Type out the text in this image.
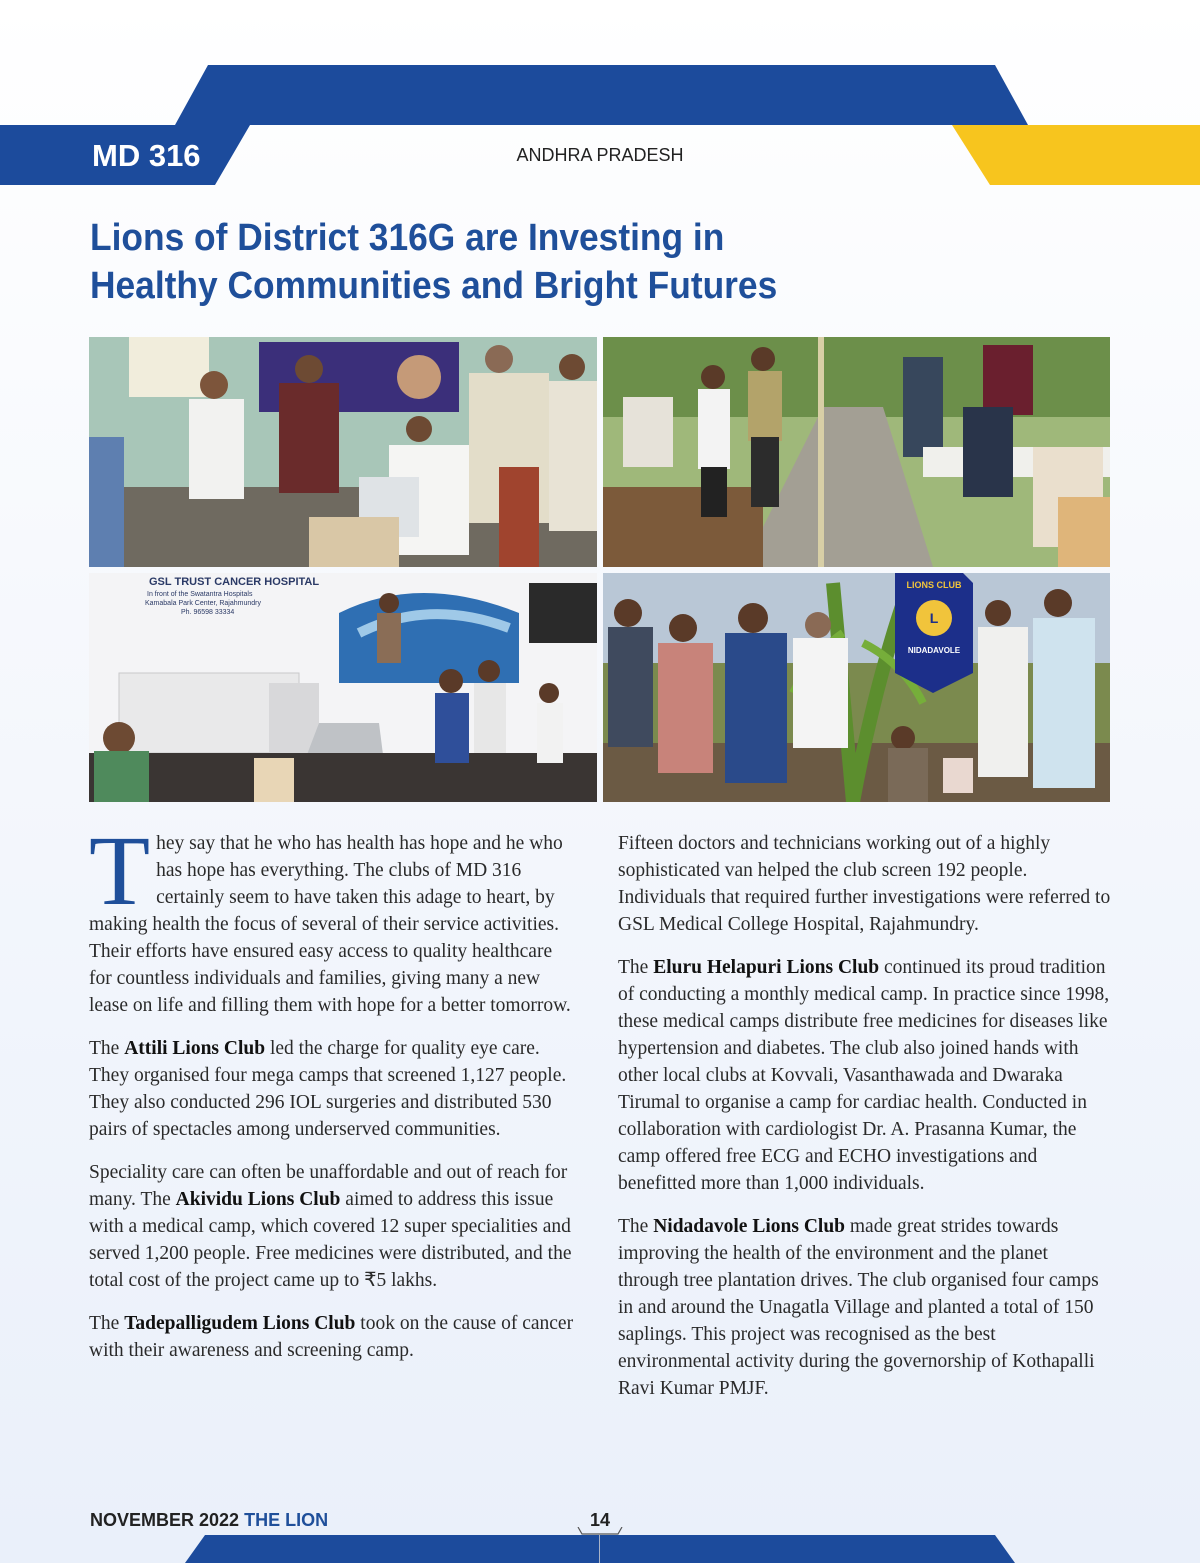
MD 316	ANDHRA PRADESH
Lions of District 316G are Investing in
Healthy Communities and Bright Futures
GSL TRUST CANCER HOSPITAL
In front of the Swatantra Hospitals
Kamabala Park Center, Rajahmundry
Ph. 96598 33334	L
LIONS CLUB
NIDADAVOLE

They say that he who has health has hope and he who has hope has everything. The clubs of MD 316 certainly seem to have taken this adage to heart, by making health the focus of several of their service activities. Their efforts have ensured easy access to quality healthcare for countless individuals and families, giving many a new lease on life and filling them with hope for a better tomorrow.

The Attili Lions Club led the charge for quality eye care. They organised four mega camps that screened 1,127 people. They also conducted 296 IOL surgeries and distributed 530 pairs of spectacles among underserved communities.

Speciality care can often be unaffordable and out of reach for many. The Akividu Lions Club aimed to address this issue with a medical camp, which covered 12 super specialities and served 1,200 people. Free medicines were distributed, and the total cost of the project came up to ₹5 lakhs.

The Tadepalligudem Lions Club took on the cause of cancer with their awareness and screening camp.

Fifteen doctors and technicians working out of a highly sophisticated van helped the club screen 192 people. Individuals that required further investigations were referred to GSL Medical College Hospital, Rajahmundry.

The Eluru Helapuri Lions Club continued its proud tradition of conducting a monthly medical camp. In practice since 1998, these medical camps distribute free medicines for diseases like hypertension and diabetes. The club also joined hands with other local clubs at Kovvali, Vasanthawada and Dwaraka Tirumal to organise a camp for cardiac health. Conducted in collaboration with cardiologist Dr. A. Prasanna Kumar, the camp offered free ECG and ECHO investigations and benefitted more than 1,000 individuals.

The Nidadavole Lions Club made great strides towards improving the health of the environment and the planet through tree plantation drives. The club organised four camps in and around the Unagatla Village and planted a total of 150 saplings. This project was recognised as the best environmental activity during the governorship of Kothapalli Ravi Kumar PMJF.

NOVEMBER 2022 THE LION	14
